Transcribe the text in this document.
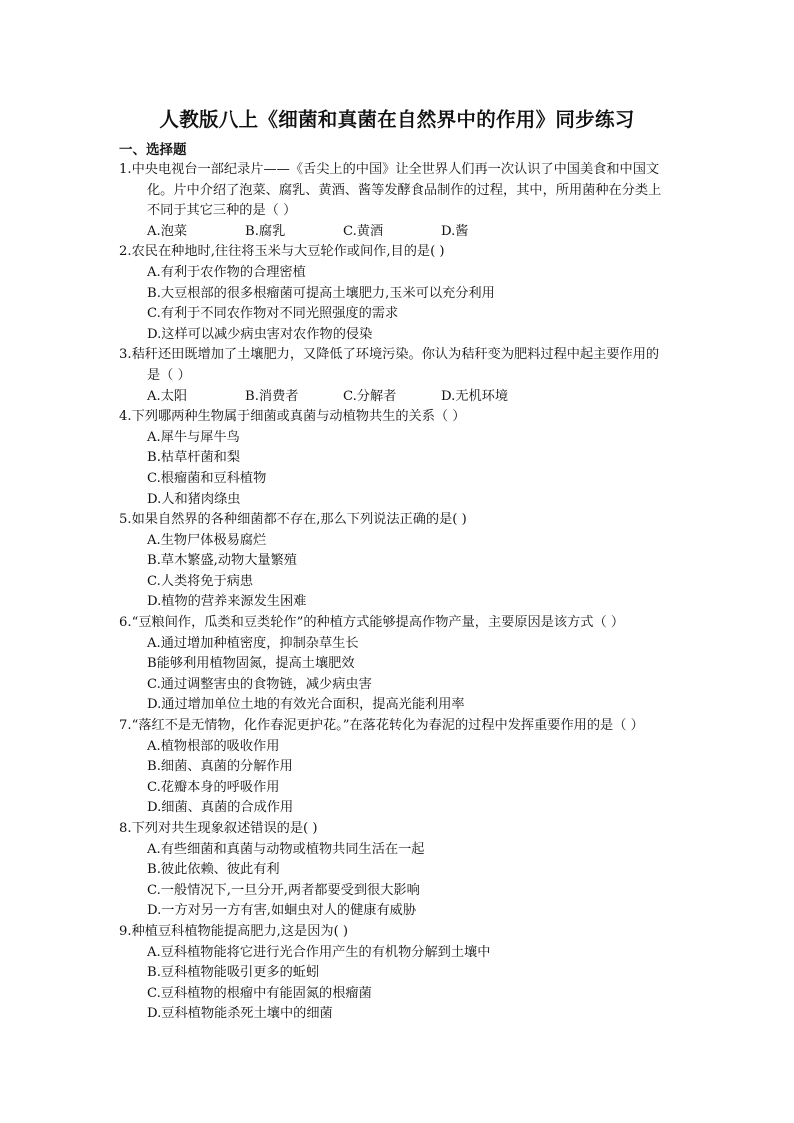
人教版八上《细菌和真菌在自然界中的作用》同步练习
一、选择题
1.中央电视台一部纪录片——《舌尖上的中国》让全世界人们再一次认识了中国美食和中国文
化。片中介绍了泡菜、腐乳、黄酒、酱等发酵食品制作的过程，其中，所用菌种在分类上
不同于其它三种的是（ ）
A.泡菜	B.腐乳	C.黄酒	D.酱
2.农民在种地时,往往将玉米与大豆轮作或间作,目的是( )
A.有利于农作物的合理密植
B.大豆根部的很多根瘤菌可提高土壤肥力,玉米可以充分利用
C.有利于不同农作物对不同光照强度的需求
D.这样可以减少病虫害对农作物的侵染
3.秸秆还田既增加了土壤肥力，又降低了环境污染。你认为秸秆变为肥料过程中起主要作用的
是（ ）
A.太阳	B.消费者	C.分解者	D.无机环境
4.下列哪两种生物属于细菌或真菌与动植物共生的关系（ ）
A.犀牛与犀牛鸟
B.枯草杆菌和梨
C.根瘤菌和豆科植物
D.人和猪肉绦虫
5.如果自然界的各种细菌都不存在,那么下列说法正确的是( )
A.生物尸体极易腐烂
B.草木繁盛,动物大量繁殖
C.人类将免于病患
D.植物的营养来源发生困难
6.“豆粮间作，瓜类和豆类轮作”的种植方式能够提高作物产量，主要原因是该方式（ ）
A.通过增加种植密度，抑制杂草生长
B能够利用植物固氮，提高土壤肥效
C.通过调整害虫的食物链，减少病虫害
D.通过增加单位土地的有效光合面积，提高光能利用率
7.“落红不是无情物，化作春泥更护花。”在落花转化为春泥的过程中发挥重要作用的是（ ）
A.植物根部的吸收作用
B.细菌、真菌的分解作用
C.花瓣本身的呼吸作用
D.细菌、真菌的合成作用
8.下列对共生现象叙述错误的是( )
A.有些细菌和真菌与动物或植物共同生活在一起
B.彼此依赖、彼此有利
C.一般情况下,一旦分开,两者都要受到很大影响
D.一方对另一方有害,如蛔虫对人的健康有威胁
9.种植豆科植物能提高肥力,这是因为( )
A.豆科植物能将它进行光合作用产生的有机物分解到土壤中
B.豆科植物能吸引更多的蚯蚓
C.豆科植物的根瘤中有能固氮的根瘤菌
D.豆科植物能杀死土壤中的细菌
